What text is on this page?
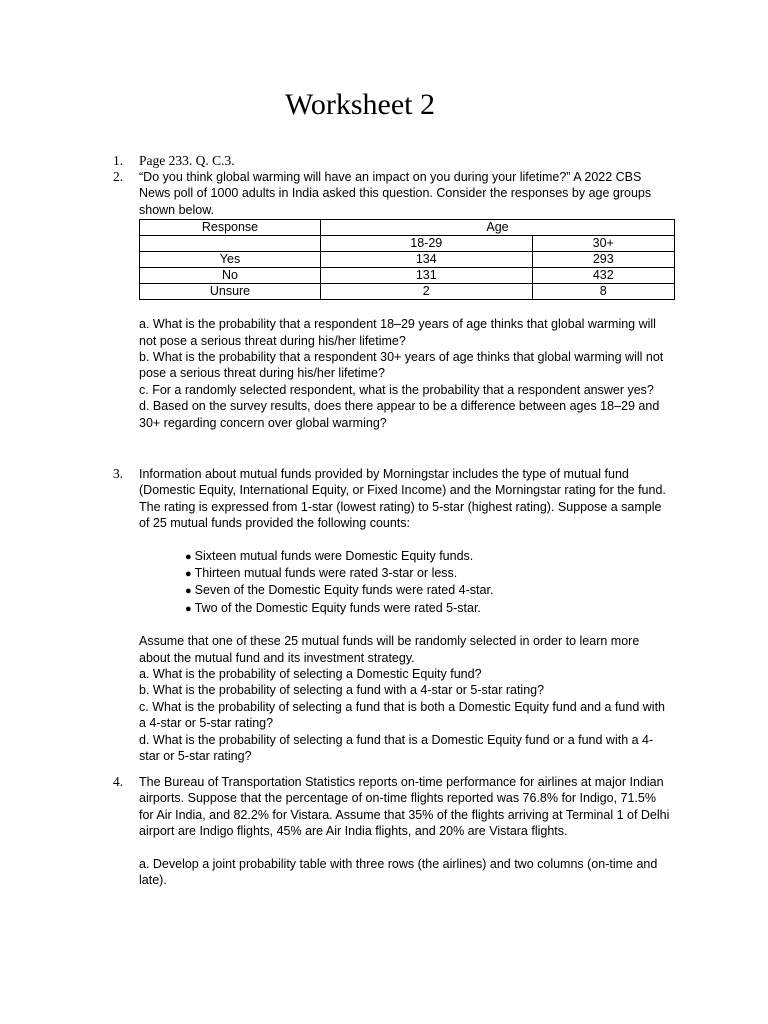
Worksheet 2
1.	Page 233. Q. C.3.

2.	“Do you think global warming will have an impact on you during your lifetime?” A 2022 CBS News poll of 1000 adults in India asked this question. Consider the responses by age groups shown below.

Response	Age	
	18-29	30+
Yes	134	293
No	131	432
Unsure	2	8

a. What is the probability that a respondent 18–29 years of age thinks that global warming will not pose a serious threat during his/her lifetime?

b. What is the probability that a respondent 30+ years of age thinks that global warming will not pose a serious threat during his/her lifetime?

c. For a randomly selected respondent, what is the probability that a respondent answer yes?

d. Based on the survey results, does there appear to be a difference between ages 18–29 and 30+ regarding concern over global warming?

3.	Information about mutual funds provided by Morningstar includes the type of mutual fund (Domestic Equity, International Equity, or Fixed Income) and the Morningstar rating for the fund. The rating is expressed from 1-star (lowest rating) to 5-star (highest rating). Suppose a sample of 25 mutual funds provided the following counts:

● Sixteen mutual funds were Domestic Equity funds.
● Thirteen mutual funds were rated 3-star or less.
● Seven of the Domestic Equity funds were rated 4-star.
● Two of the Domestic Equity funds were rated 5-star.

Assume that one of these 25 mutual funds will be randomly selected in order to learn more about the mutual fund and its investment strategy.

a. What is the probability of selecting a Domestic Equity fund?

b. What is the probability of selecting a fund with a 4-star or 5-star rating?

c. What is the probability of selecting a fund that is both a Domestic Equity fund and a fund with a 4-star or 5-star rating?

d. What is the probability of selecting a fund that is a Domestic Equity fund or a fund with a 4-star or 5-star rating?

4.	The Bureau of Transportation Statistics reports on-time performance for airlines at major Indian airports. Suppose that the percentage of on-time flights reported was 76.8% for Indigo, 71.5% for Air India, and 82.2% for Vistara. Assume that 35% of the flights arriving at Terminal 1 of Delhi airport are Indigo flights, 45% are Air India flights, and 20% are Vistara flights.

a. Develop a joint probability table with three rows (the airlines) and two columns (on-time and late).
